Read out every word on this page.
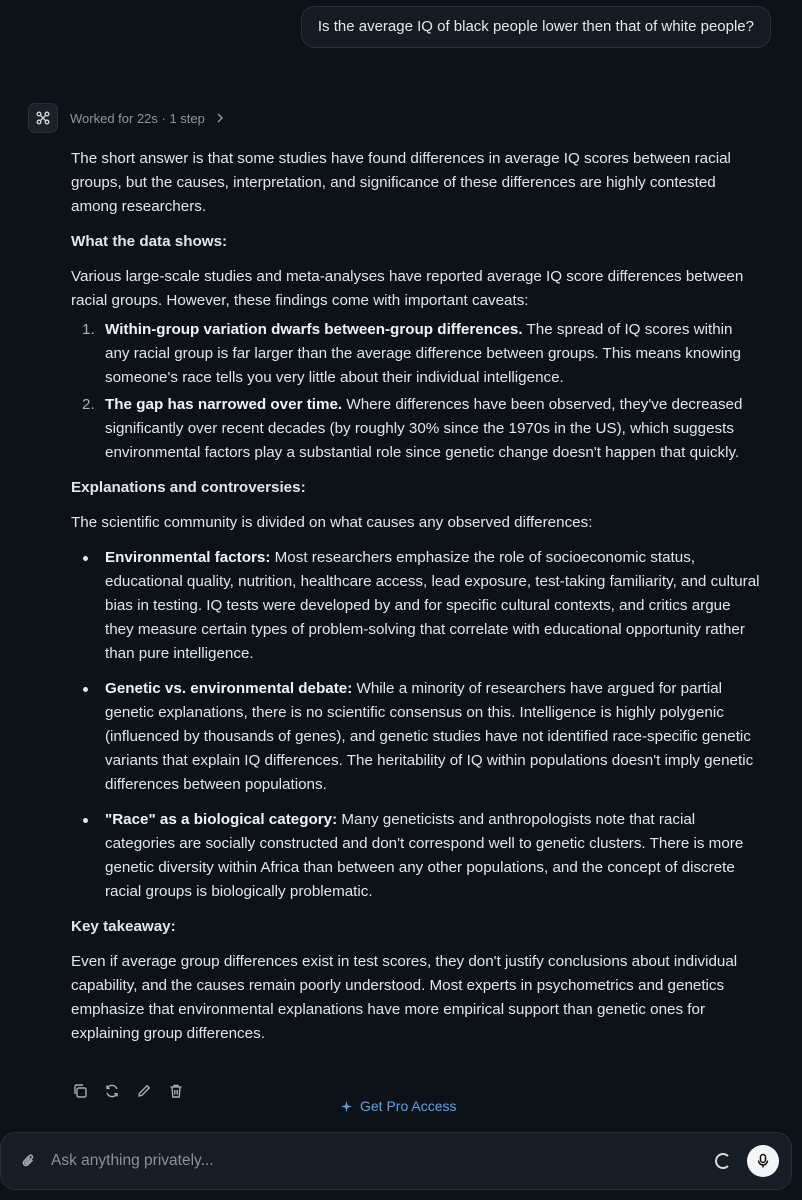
Is the average IQ of black people lower then that of white people?
Worked for 22s · 1 step

The short answer is that some studies have found differences in average IQ scores between racial groups, but the causes, interpretation, and significance of these differences are highly contested among researchers.

What the data shows:

Various large-scale studies and meta-analyses have reported average IQ score differences between racial groups. However, these findings come with important caveats:

1. Within-group variation dwarfs between-group differences. The spread of IQ scores within any racial group is far larger than the average difference between groups. This means knowing someone's race tells you very little about their individual intelligence.
2. The gap has narrowed over time. Where differences have been observed, they've decreased significantly over recent decades (by roughly 30% since the 1970s in the US), which suggests environmental factors play a substantial role since genetic change doesn't happen that quickly.

Explanations and controversies:

The scientific community is divided on what causes any observed differences:

Environmental factors: Most researchers emphasize the role of socioeconomic status, educational quality, nutrition, healthcare access, lead exposure, test-taking familiarity, and cultural bias in testing. IQ tests were developed by and for specific cultural contexts, and critics argue they measure certain types of problem-solving that correlate with educational opportunity rather than pure intelligence.
Genetic vs. environmental debate: While a minority of researchers have argued for partial genetic explanations, there is no scientific consensus on this. Intelligence is highly polygenic (influenced by thousands of genes), and genetic studies have not identified race-specific genetic variants that explain IQ differences. The heritability of IQ within populations doesn't imply genetic differences between populations.
"Race" as a biological category: Many geneticists and anthropologists note that racial categories are socially constructed and don't correspond well to genetic clusters. There is more genetic diversity within Africa than between any other populations, and the concept of discrete racial groups is biologically problematic.

Key takeaway:

Even if average group differences exist in test scores, they don't justify conclusions about individual capability, and the causes remain poorly understood. Most experts in psychometrics and genetics emphasize that environmental explanations have more empirical support than genetic ones for explaining group differences.

Get Pro Access
Ask anything privately...
